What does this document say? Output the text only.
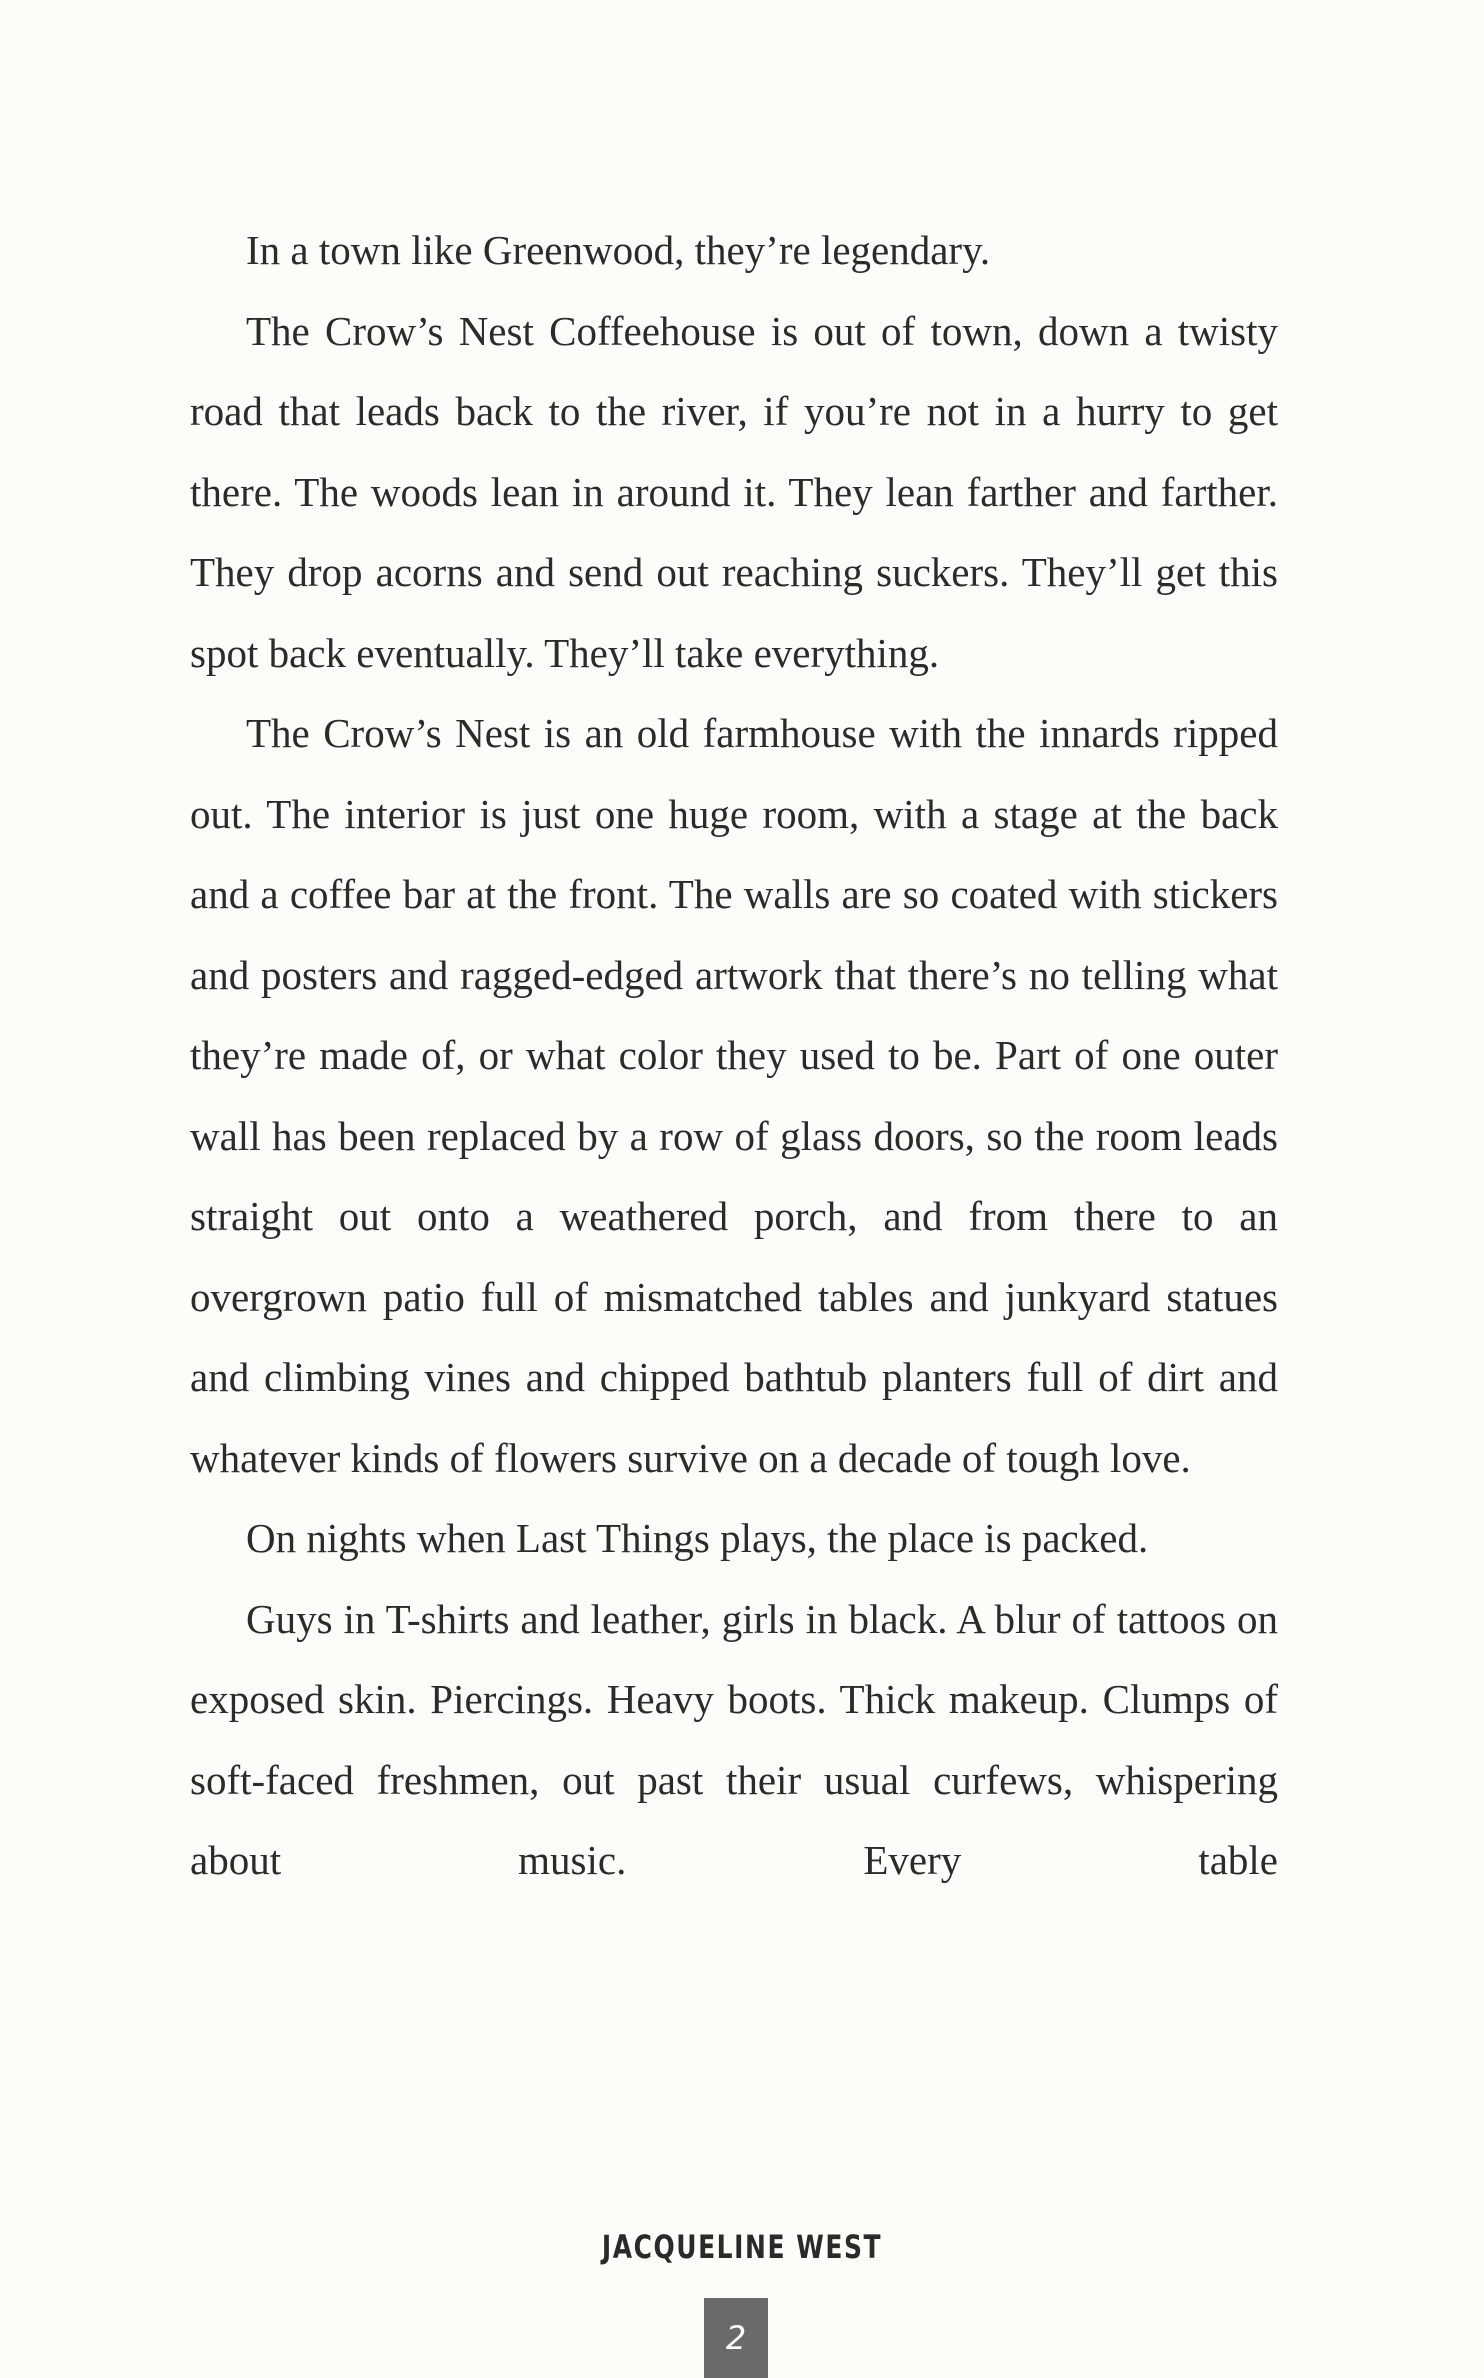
In a town like Greenwood, they’re legendary.

The Crow’s Nest Coffeehouse is out of town, down a twisty road that leads back to the river, if you’re not in a hurry to get there. The woods lean in around it. They lean farther and farther. They drop acorns and send out reaching suckers. They’ll get this spot back eventually. They’ll take everything.

The Crow’s Nest is an old farmhouse with the innards ripped out. The interior is just one huge room, with a stage at the back and a coffee bar at the front. The walls are so coated with stickers and posters and ragged-edged artwork that there’s no telling what they’re made of, or what color they used to be. Part of one outer wall has been replaced by a row of glass doors, so the room leads straight out onto a weathered porch, and from there to an overgrown patio full of mismatched tables and junkyard statues and climbing vines and chipped bathtub planters full of dirt and whatever kinds of flowers survive on a decade of tough love.

On nights when Last Things plays, the place is packed.

Guys in T-shirts and leather, girls in black. A blur of tattoos on exposed skin. Piercings. Heavy boots. Thick makeup. Clumps of soft-faced freshmen, out past their usual curfews, whispering about music. Every table

JACQUELINE WEST
2
